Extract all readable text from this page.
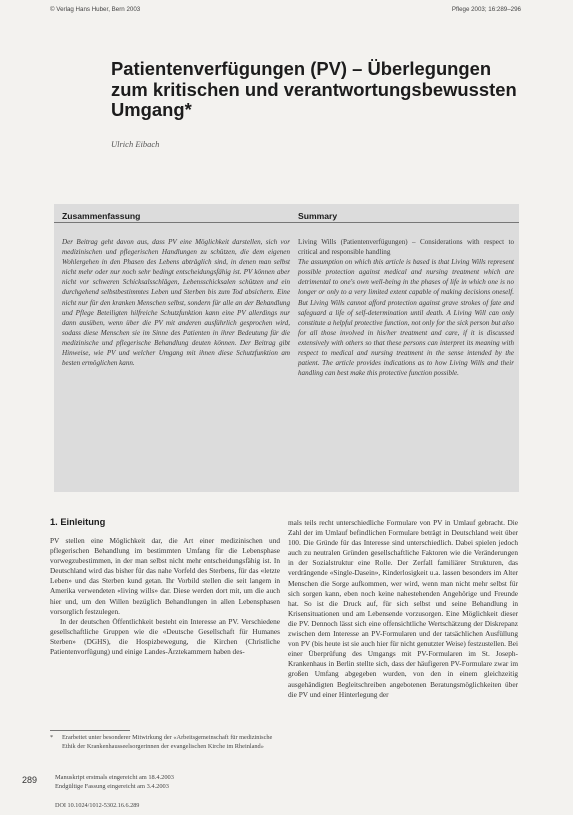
© Verlag Hans Huber, Bern 2003	Pflege 2003; 16:289–296
Patientenverfügungen (PV) – Überlegungen zum kritischen und verantwortungsbewussten Umgang*
Ulrich Eibach
Zusammenfassung	Summary

Der Beitrag geht davon aus, dass PV eine Möglichkeit darstellen, sich vor medizinischen und pflegerischen Handlungen zu schützen, die dem eigenen Wohlergehen in den Phasen des Lebens abträglich sind, in denen man selbst nicht mehr oder nur noch sehr bedingt entscheidungsfähig ist. PV können aber nicht vor schweren Schicksalsschlägen, Lebensschicksalen schützen und ein durchgehend selbstbestimmtes Leben und Sterben bis zum Tod absichern. Eine nicht nur für den kranken Menschen selbst, sondern für alle an der Behandlung und Pflege Beteiligten hilfreiche Schutzfunktion kann eine PV allerdings nur dann ausüben, wenn über die PV mit anderen ausführlich gesprochen wird, sodass diese Menschen sie im Sinne des Patienten in ihrer Bedeutung für die medizinische und pflegerische Behandlung deuten können. Der Beitrag gibt Hinweise, wie PV und welcher Umgang mit ihnen diese Schutzfunktion am besten ermöglichen kann.

Living Wills (Patientenverfügungen) – Considerations with respect to critical and responsible handling
The assumption on which this article is based is that Living Wills represent possible protection against medical and nursing treatment which are detrimental to one's own well-being in the phases of life in which one is no longer or only to a very limited extent capable of making decisions oneself. But Living Wills cannot afford protection against grave strokes of fate and safeguard a life of self-determination until death. A Living Will can only constitute a helpful protective function, not only for the sick person but also for all those involved in his/her treatment and care, if it is discussed extensively with others so that these persons can interpret its meaning with respect to medical and nursing treatment in the sense intended by the patient. The article provides indications as to how Living Wills and their handling can best make this protective function possible.
1. Einleitung

PV stellen eine Möglichkeit dar, die Art einer medizinischen und pflegerischen Behandlung im bestimmten Umfang für die Lebensphase vorwegzubestimmen, in der man selbst nicht mehr entscheidungsfähig ist. In Deutschland wird das bisher für das nahe Vorfeld des Sterbens, für das «letzte Leben» und das Sterben kund getan. Ihr Vorbild stellen die seit langem in Amerika verwendeten «living wills» dar. Diese werden dort mit, um die auch hier und, um den Willen bezüglich Behandlungen in allen Lebensphasen vorsorglich festzulegen.

In der deutschen Öffentlichkeit besteht ein Interesse an PV. Verschiedene gesellschaftliche Gruppen wie die «Deutsche Gesellschaft für Humanes Sterben» (DGHS), die Hospizbewegung, die Kirchen (Christliche Patientenvorfügung) und einige Landes-Ärztekammern haben des-

mals teils recht unterschiedliche Formulare von PV in Umlauf gebracht. Die Zahl der im Umlauf befindlichen Formulare beträgt in Deutschland weit über 100. Die Gründe für das Interesse sind unterschiedlich. Dabei spielen jedoch auch zu neutralen Gründen gesellschaftliche Faktoren wie die Veränderungen in der Sozialstruktur eine Rolle. Der Zerfall familiärer Strukturen, das verdrängende «Single-Dasein», Kinderlosigkeit u.a. lassen besonders im Alter Menschen die Sorge aufkommen, wer wird, wenn man nicht mehr selbst für sich sorgen kann, eben noch keine nahestehenden Angehörige und Freunde hat. So ist die Druck auf, für sich selbst und seine Behandlung in Krisensituationen und am Lebensende vorzusorgen. Eine Möglichkeit dieser die PV. Dennoch lässt sich eine offensichtliche Wertschätzung der Diskrepanz zwischen dem Interesse an PV-Formularen und der tatsächlichen Ausfüllung von PV (bis heute ist sie auch hier für nicht genutzter Weise) festzustellen. Bei einer Überprüfung des Umgangs mit PV-Formularen im St. Joseph-Krankenhaus in Berlin stellte sich, dass der häufigeren PV-Formulare zwar im großen Umfang abgegeben wurden, von den in einem gleichzeitig ausgehändigten Begleitschreiben angebotenen Beratungsmöglichkeiten über die PV und einer Hinterlegung der

* Erarbeitet unter besonderer Mitwirkung der «Arbeitsgemeinschaft für medizinische Ethik der Krankenhausseelsorgerinnen der evangelischen Kirche im Rheinland»
289	Manuskript erstmals eingereicht am 18.4.2003
Endgültige Fassung eingereicht am 3.4.2003
DOI 10.1024/1012-5302.16.6.289
